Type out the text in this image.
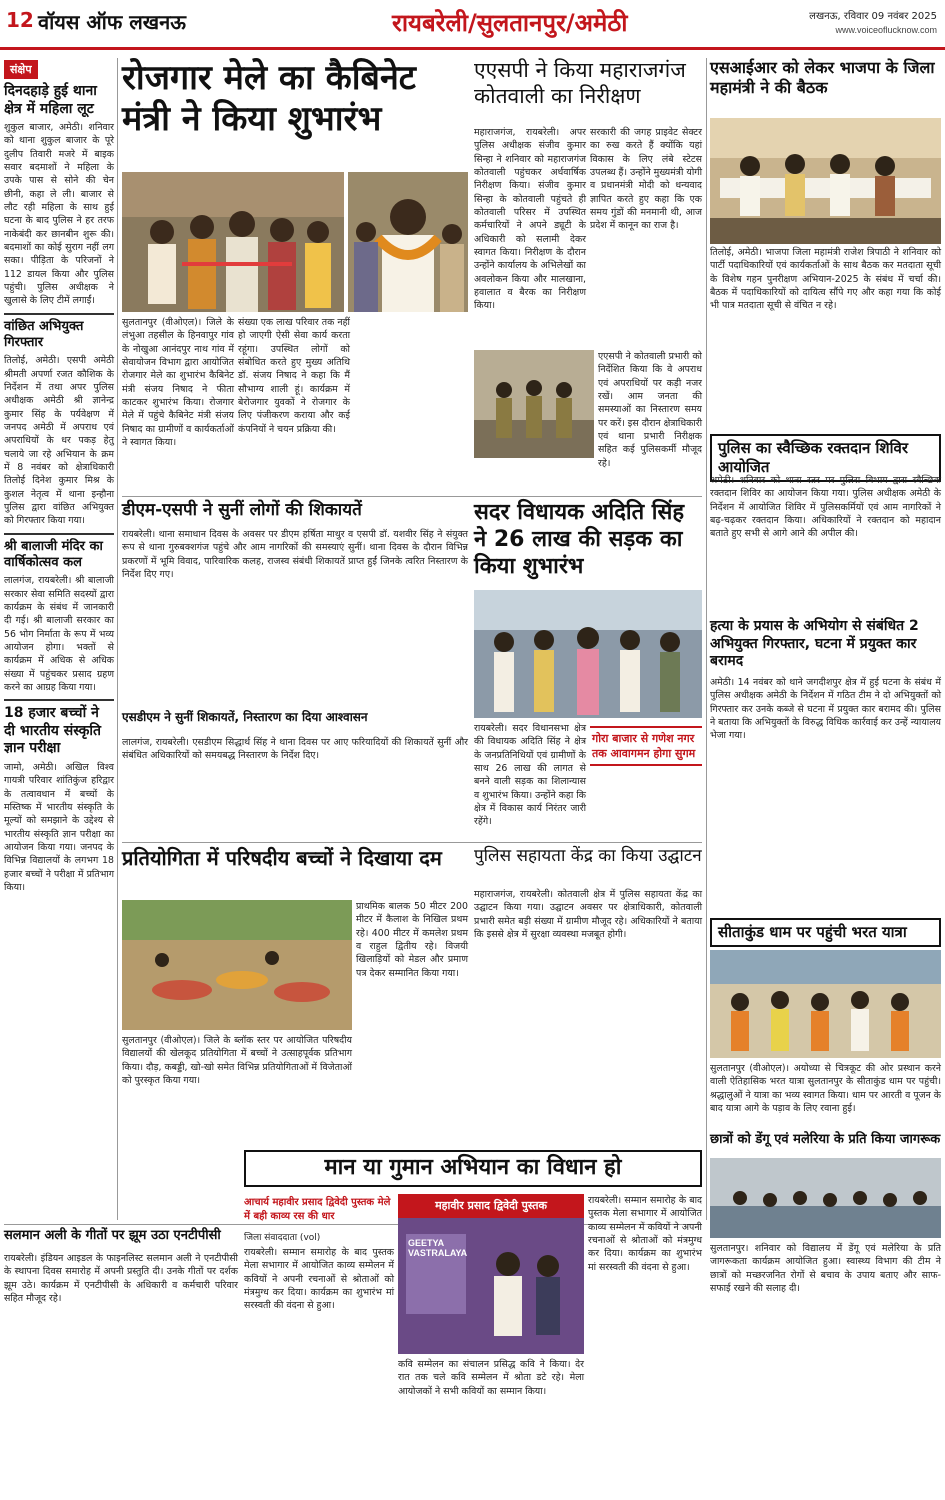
12 वॉयस ऑफ लखनऊ	रायबरेली/सुलतानपुर/अमेठी	लखनऊ, रविवार 09 नवंबर 2025
www.voiceoflucknow.com
संक्षेप
दिनदहाड़े हुई थाना क्षेत्र में महिला लूट
शुकुल बाजार, अमेठी। शनिवार को थाना शुकुल बाजार के पूरे दुलीप तिवारी मजरे में बाइक सवार बदमाशों ने महिला के उपके पास से सोने की चेन छीनी, कहा ले ली। बाजार से लौट रही महिला के साथ हुई घटना के बाद पुलिस ने हर तरफ नाकेबंदी कर छानबीन शुरू की। बदमाशों का कोई सुराग नहीं लग सका। पीड़िता के परिजनों ने 112 डायल किया और पुलिस पहुंची। पुलिस अधीक्षक ने खुलासे के लिए टीमें लगाईं।
वांछित अभियुक्त गिरफ्तार
तिलोई, अमेठी। एसपी अमेठी श्रीमती अपर्णा रजत कौशिक के निर्देशन में तथा अपर पुलिस अधीक्षक अमेठी श्री ज्ञानेन्द्र कुमार सिंह के पर्यवेक्षण में जनपद अमेठी में अपराध एवं अपराधियों के धर पकड़ हेतु चलाये जा रहे अभियान के क्रम में 8 नवंबर को क्षेत्राधिकारी तिलोई दिनेश कुमार मिश्र के कुशल नेतृत्व में थाना इन्हौना पुलिस द्वारा वांछित अभियुक्त को गिरफ्तार किया गया।
श्री बालाजी मंदिर का वार्षिकोत्सव कल
लालगंज, रायबरेली। श्री बालाजी सरकार सेवा समिति सदस्यों द्वारा कार्यक्रम के संबंध में जानकारी दी गई। श्री बालाजी सरकार का 56 भोग निर्माता के रूप में भव्य आयोजन होगा। भक्तों से कार्यक्रम में अधिक से अधिक संख्या में पहुंचकर प्रसाद ग्रहण करने का आग्रह किया गया।
18 हजार बच्चों ने दी भारतीय संस्कृति ज्ञान परीक्षा
जामो, अमेठी। अखिल विश्व गायत्री परिवार शांतिकुंज हरिद्वार के तत्वावधान में बच्चों के मस्तिष्क में भारतीय संस्कृति के मूल्यों को समझाने के उद्देश्य से भारतीय संस्कृति ज्ञान परीक्षा का आयोजन किया गया। जनपद के विभिन्न विद्यालयों के लगभग 18 हजार बच्चों ने परीक्षा में प्रतिभाग किया।
रोजगार मेले का कैबिनेट मंत्री ने किया शुभारंभ
सुलतानपुर (वीओएल)। जिले के लंभुआ तहसील के हिनवापुर गांव के नोखुआ आनंदपुर नाथ गांव में सेवायोजन विभाग द्वारा आयोजित रोजगार मेले का शुभारंभ कैबिनेट मंत्री संजय निषाद ने फीता काटकर शुभारंभ किया। रोजगार मेले में पहुंचे कैबिनेट मंत्री संजय निषाद का ग्रामीणों व कार्यकर्ताओं ने स्वागत किया।
संख्या एक लाख परिवार तक नहीं हो जाएगी ऐसी सेवा कार्य करता रहूंगा। उपस्थित लोगों को संबोधित करते हुए मुख्य अतिथि डॉ. संजय निषाद ने कहा कि मैं सौभाग्य शाली हूं। कार्यक्रम में बेरोजगार युवकों ने रोजगार के लिए पंजीकरण कराया और कई कंपनियों ने चयन प्रक्रिया की।
एएसपी ने किया महाराजगंज कोतवाली का निरीक्षण
महाराजगंज, रायबरेली। अपर पुलिस अधीक्षक संजीव कुमार सिन्हा ने शनिवार को महाराजगंज कोतवाली पहुंचकर अर्धवार्षिक निरीक्षण किया। संजीव कुमार सिन्हा के कोतवाली पहुंचते ही कोतवाली परिसर में उपस्थित कर्मचारियों ने अपने ड्यूटी के अधिकारी को सलामी देकर स्वागत किया। निरीक्षण के दौरान उन्होंने कार्यालय के अभिलेखों का अवलोकन किया और मालखाना, हवालात व बैरक का निरीक्षण किया।
सरकारी की जगह प्राइवेट सेक्टर का रुख करते हैं क्योंकि यहां विकास के लिए लंबे स्टेटस उपलब्ध हैं। उन्होंने मुख्यमंत्री योगी व प्रधानमंत्री मोदी को धन्यवाद ज्ञापित करते हुए कहा कि एक समय गुंडों की मनमानी थी, आज प्रदेश में कानून का राज है।
एएसपी ने कोतवाली प्रभारी को निर्देशित किया कि वे अपराध एवं अपराधियों पर कड़ी नजर रखें। आम जनता की समस्याओं का निस्तारण समय पर करें। इस दौरान क्षेत्राधिकारी एवं थाना प्रभारी निरीक्षक सहित कई पुलिसकर्मी मौजूद रहे।
एसआईआर को लेकर भाजपा के जिला महामंत्री ने की बैठक
तिलोई, अमेठी। भाजपा जिला महामंत्री राजेश त्रिपाठी ने शनिवार को पार्टी पदाधिकारियों एवं कार्यकर्ताओं के साथ बैठक कर मतदाता सूची के विशेष गहन पुनरीक्षण अभियान-2025 के संबंध में चर्चा की। बैठक में पदाधिकारियों को दायित्व सौंपे गए और कहा गया कि कोई भी पात्र मतदाता सूची से वंचित न रहे।
पुलिस का स्वैच्छिक रक्तदान शिविर आयोजित
अमेठी। शनिवार को थाना स्तर पर पुलिस विभाग द्वारा स्वैच्छिक रक्तदान शिविर का आयोजन किया गया। पुलिस अधीक्षक अमेठी के निर्देशन में आयोजित शिविर में पुलिसकर्मियों एवं आम नागरिकों ने बढ़-चढ़कर रक्तदान किया। अधिकारियों ने रक्तदान को महादान बताते हुए सभी से आगे आने की अपील की।
हत्या के प्रयास के अभियोग से संबंधित 2 अभियुक्त गिरफ्तार, घटना में प्रयुक्त कार बरामद
अमेठी। 14 नवंबर को थाने जगदीशपुर क्षेत्र में हुई घटना के संबंध में पुलिस अधीक्षक अमेठी के निर्देशन में गठित टीम ने दो अभियुक्तों को गिरफ्तार कर उनके कब्जे से घटना में प्रयुक्त कार बरामद की। पुलिस ने बताया कि अभियुक्तों के विरुद्ध विधिक कार्रवाई कर उन्हें न्यायालय भेजा गया।
सीताकुंड धाम पर पहुंची भरत यात्रा
सुलतानपुर (वीओएल)। अयोध्या से चित्रकूट की ओर प्रस्थान करने वाली ऐतिहासिक भरत यात्रा सुलतानपुर के सीताकुंड धाम पर पहुंची। श्रद्धालुओं ने यात्रा का भव्य स्वागत किया। धाम पर आरती व पूजन के बाद यात्रा आगे के पड़ाव के लिए रवाना हुई।
छात्रों को डेंगू एवं मलेरिया के प्रति किया जागरूक
सुलतानपुर। शनिवार को विद्यालय में डेंगू एवं मलेरिया के प्रति जागरूकता कार्यक्रम आयोजित हुआ। स्वास्थ्य विभाग की टीम ने छात्रों को मच्छरजनित रोगों से बचाव के उपाय बताए और साफ-सफाई रखने की सलाह दी।
डीएम-एसपी ने सुनीं लोगों की शिकायतें
रायबरेली। थाना समाधान दिवस के अवसर पर डीएम हर्षिता माथुर व एसपी डॉ. यशवीर सिंह ने संयुक्त रूप से थाना गुरुबक्शगंज पहुंचे और आम नागरिकों की समस्याएं सुनीं। थाना दिवस के दौरान विभिन्न प्रकरणों में भूमि विवाद, पारिवारिक कलह, राजस्व संबंधी शिकायतें प्राप्त हुईं जिनके त्वरित निस्तारण के निर्देश दिए गए।
एसडीएम ने सुनीं शिकायतें, निस्तारण का दिया आश्वासन
लालगंज, रायबरेली। एसडीएम सिद्धार्थ सिंह ने थाना दिवस पर आए फरियादियों की शिकायतें सुनीं और संबंधित अधिकारियों को समयबद्ध निस्तारण के निर्देश दिए।
सदर विधायक अदिति सिंह ने 26 लाख की सड़क का किया शुभारंभ
रायबरेली। सदर विधानसभा क्षेत्र की विधायक अदिति सिंह ने क्षेत्र के जनप्रतिनिधियों एवं ग्रामीणों के साथ 26 लाख की लागत से बनने वाली सड़क का शिलान्यास व शुभारंभ किया। उन्होंने कहा कि क्षेत्र में विकास कार्य निरंतर जारी रहेंगे।
गोरा बाजार से गणेश नगर तक आवागमन होगा सुगम
प्रतियोगिता में परिषदीय बच्चों ने दिखाया दम
प्राथमिक बालक 50 मीटर 200 मीटर में कैलाश के निखिल प्रथम रहे। 400 मीटर में कमलेश प्रथम व राहुल द्वितीय रहे। विजयी खिलाड़ियों को मेडल और प्रमाण पत्र देकर सम्मानित किया गया।
सुलतानपुर (वीओएल)। जिले के ब्लॉक स्तर पर आयोजित परिषदीय विद्यालयों की खेलकूद प्रतियोगिता में बच्चों ने उत्साहपूर्वक प्रतिभाग किया। दौड़, कबड्डी, खो-खो समेत विभिन्न प्रतियोगिताओं में विजेताओं को पुरस्कृत किया गया।
पुलिस सहायता केंद्र का किया उद्घाटन
महाराजगंज, रायबरेली। कोतवाली क्षेत्र में पुलिस सहायता केंद्र का उद्घाटन किया गया। उद्घाटन अवसर पर क्षेत्राधिकारी, कोतवाली प्रभारी समेत बड़ी संख्या में ग्रामीण मौजूद रहे। अधिकारियों ने बताया कि इससे क्षेत्र में सुरक्षा व्यवस्था मजबूत होगी।
सलमान अली के गीतों पर झूम उठा एनटीपीसी
रायबरेली। इंडियन आइडल के फाइनलिस्ट सलमान अली ने एनटीपीसी के स्थापना दिवस समारोह में अपनी प्रस्तुति दी। उनके गीतों पर दर्शक झूम उठे। कार्यक्रम में एनटीपीसी के अधिकारी व कर्मचारी परिवार सहित मौजूद रहे।
मान या गुमान अभियान का विधान हो
आचार्य महावीर प्रसाद द्विवेदी पुस्तक मेले में बही काव्य रस की धार
जिला संवाददाता (vol)
रायबरेली। सम्मान समारोह के बाद पुस्तक मेला सभागार में आयोजित काव्य सम्मेलन में कवियों ने अपनी रचनाओं से श्रोताओं को मंत्रमुग्ध कर दिया। कार्यक्रम का शुभारंभ मां सरस्वती की वंदना से हुआ।
महावीर प्रसाद द्विवेदी पुस्तक
GEETYA VASTRALAYA
कवि सम्मेलन का संचालन प्रसिद्ध कवि ने किया। देर रात तक चले कवि सम्मेलन में श्रोता डटे रहे। मेला आयोजकों ने सभी कवियों का सम्मान किया।
रायबरेली। सम्मान समारोह के बाद पुस्तक मेला सभागार में आयोजित काव्य सम्मेलन में कवियों ने अपनी रचनाओं से श्रोताओं को मंत्रमुग्ध कर दिया। कार्यक्रम का शुभारंभ मां सरस्वती की वंदना से हुआ।
